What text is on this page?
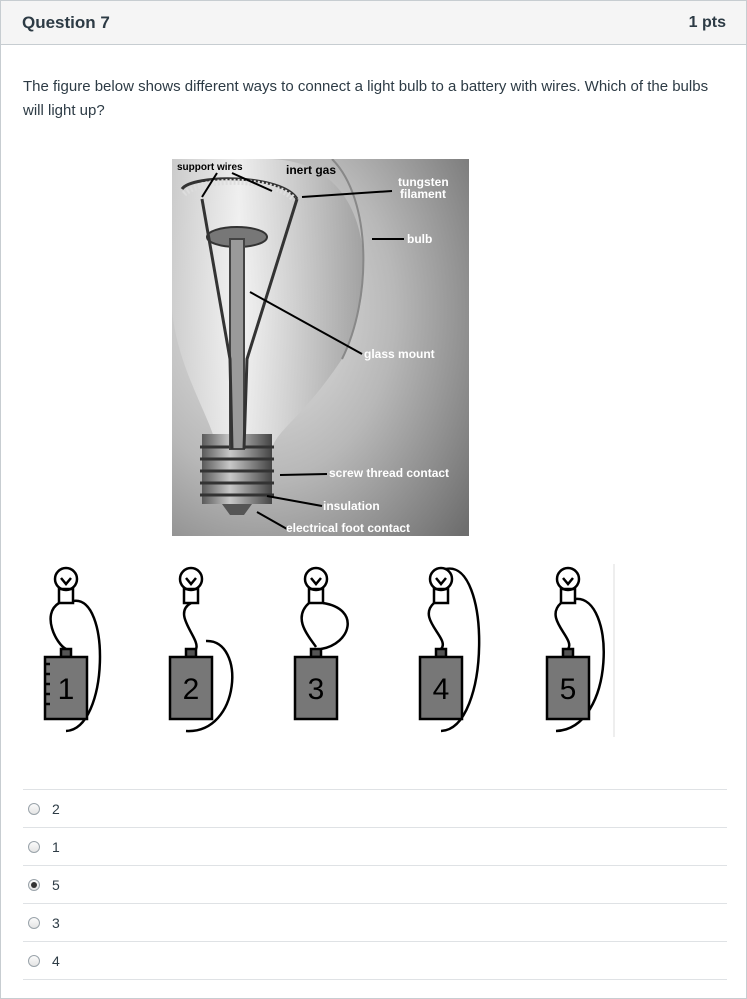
Question 7	1 pts
The figure below shows different ways to connect a light bulb to a battery with wires. Which of the bulbs will light up?
support wires	inert gas
tungsten
filament
bulb
glass mount
screw thread contact
insulation
electrical foot contact
1	2	3	4	5
2
1
5
3
4
